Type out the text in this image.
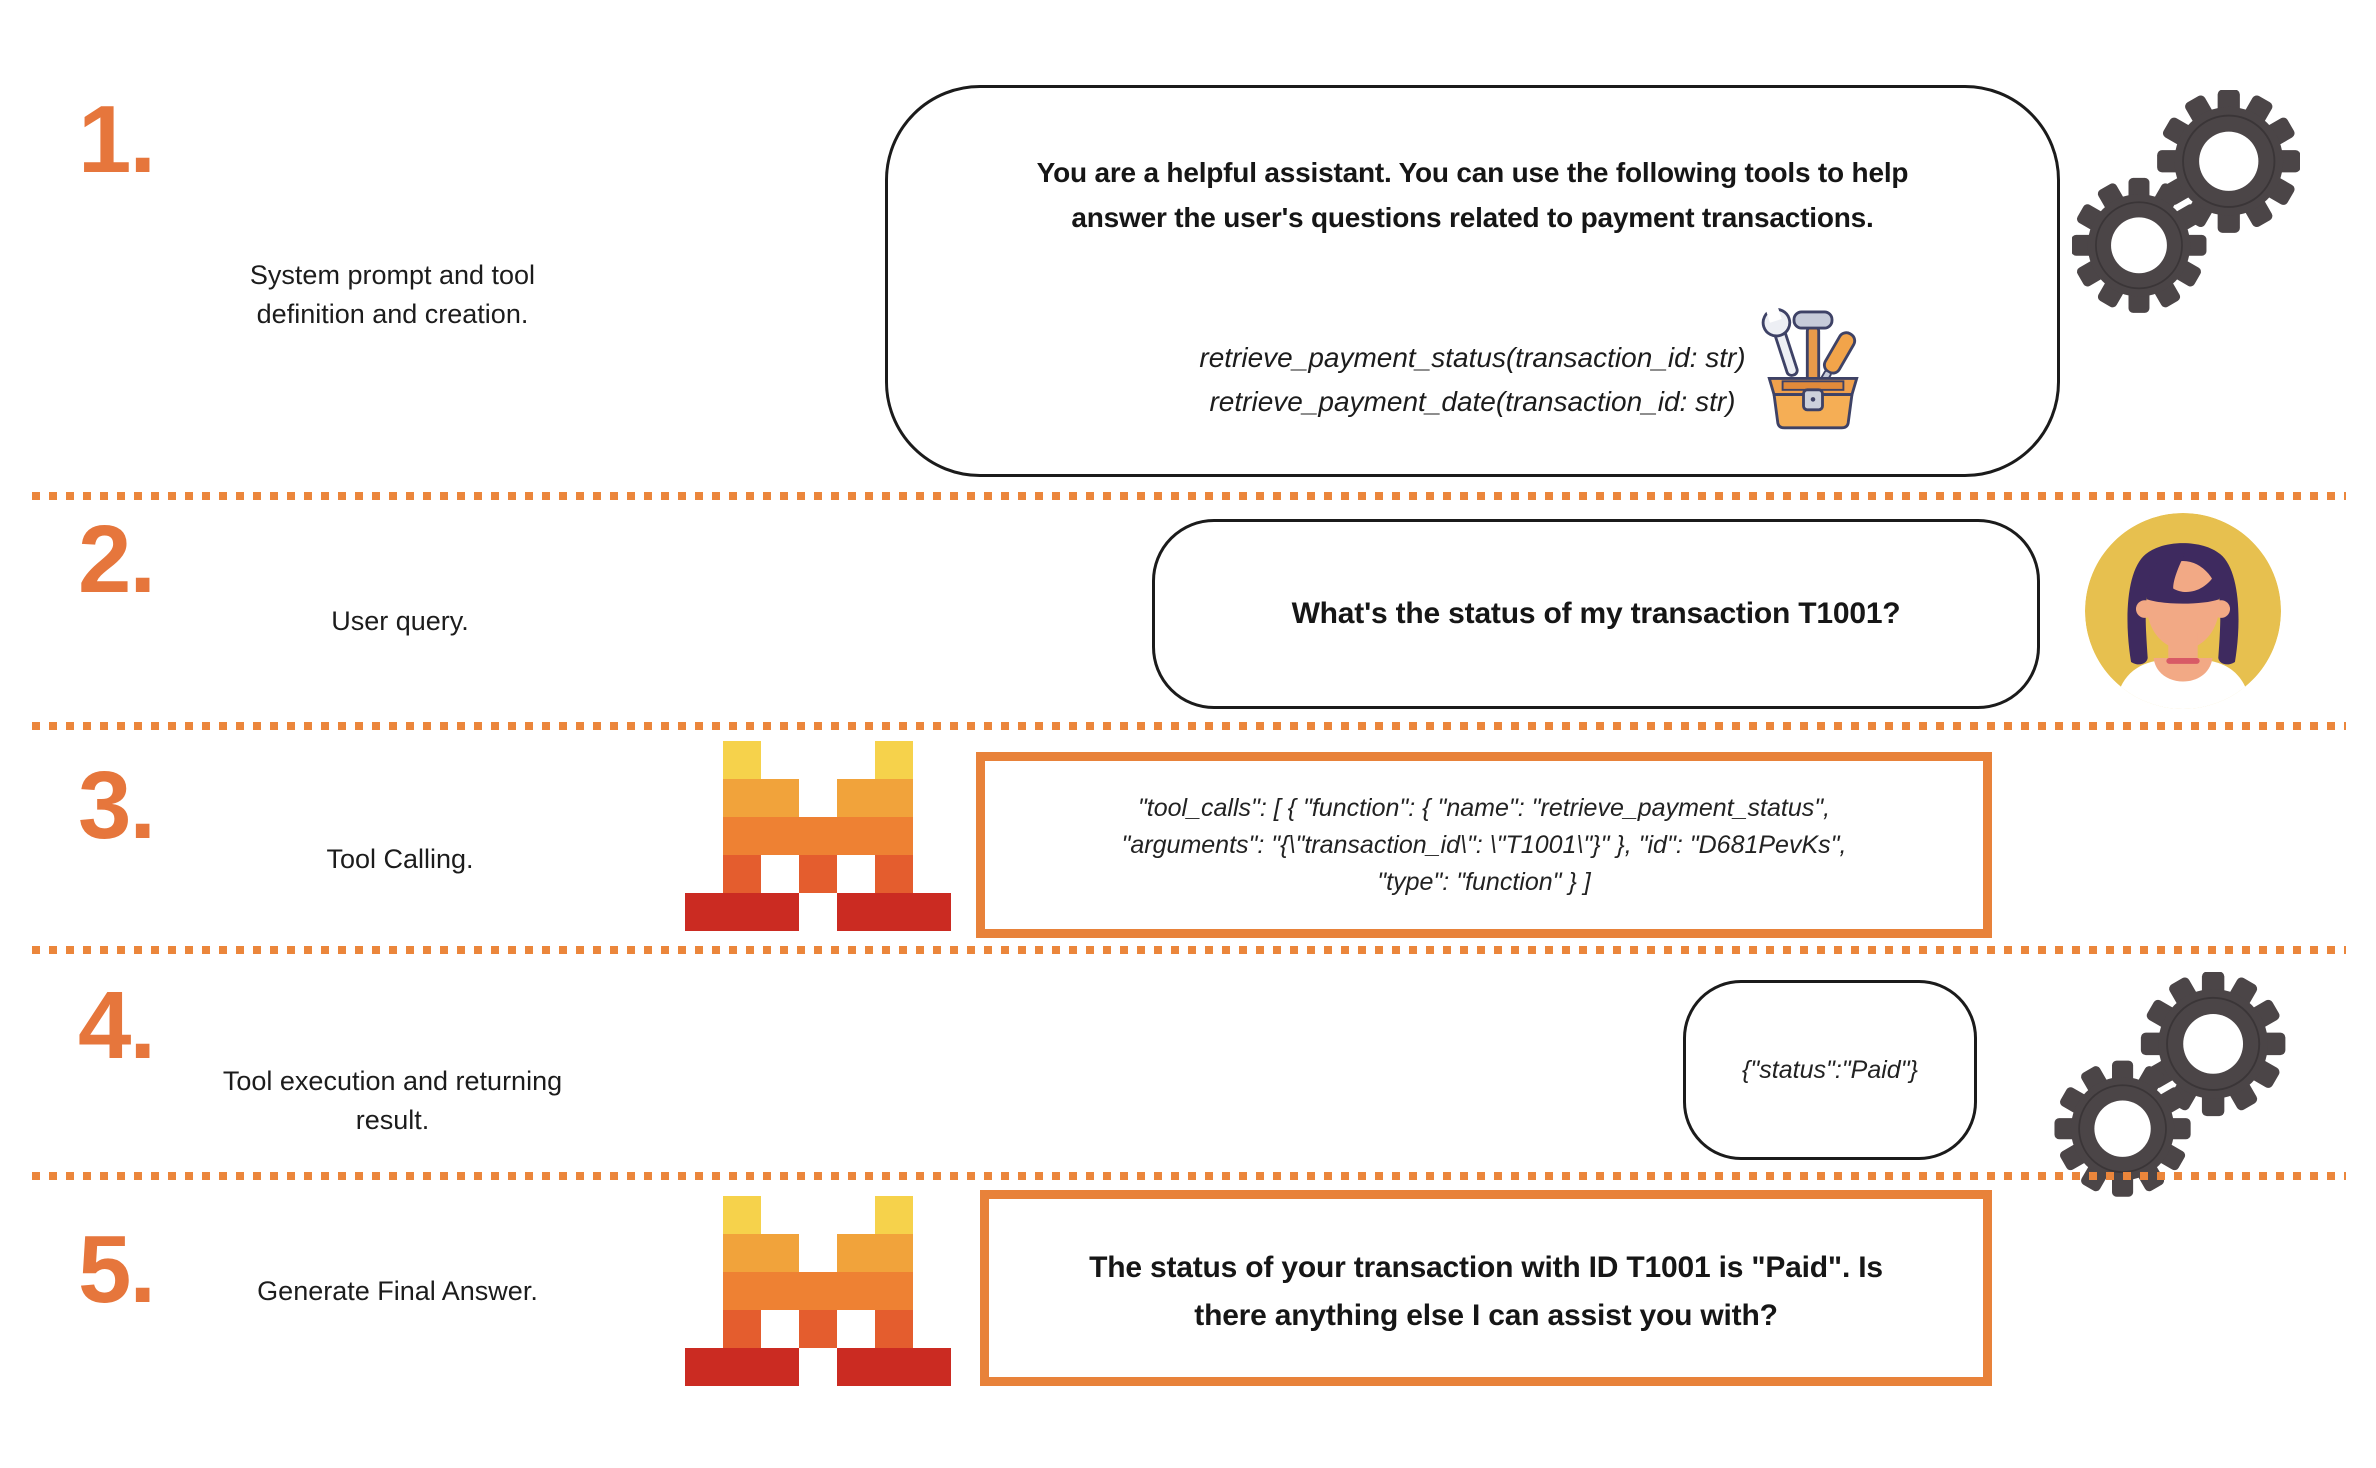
1.
System prompt and tool definition and creation.
You are a helpful assistant. You can use the following tools to help
answer the user's questions related to payment transactions.
retrieve_payment_status(transaction_id: str)
retrieve_payment_date(transaction_id: str)
2.
User query.	What's the status of my transaction T1001?
3.	Tool Calling.
"tool_calls": [ { "function": { "name": "retrieve_payment_status",
"arguments": "{\"transaction_id\": \"T1001\"}" }, "id": "D681PevKs",
"type": "function" } ]
4.
Tool execution and returning result.
{"status":"Paid"}
5.	Generate Final Answer.
The status of your transaction with ID T1001 is "Paid". Is
there anything else I can assist you with?
